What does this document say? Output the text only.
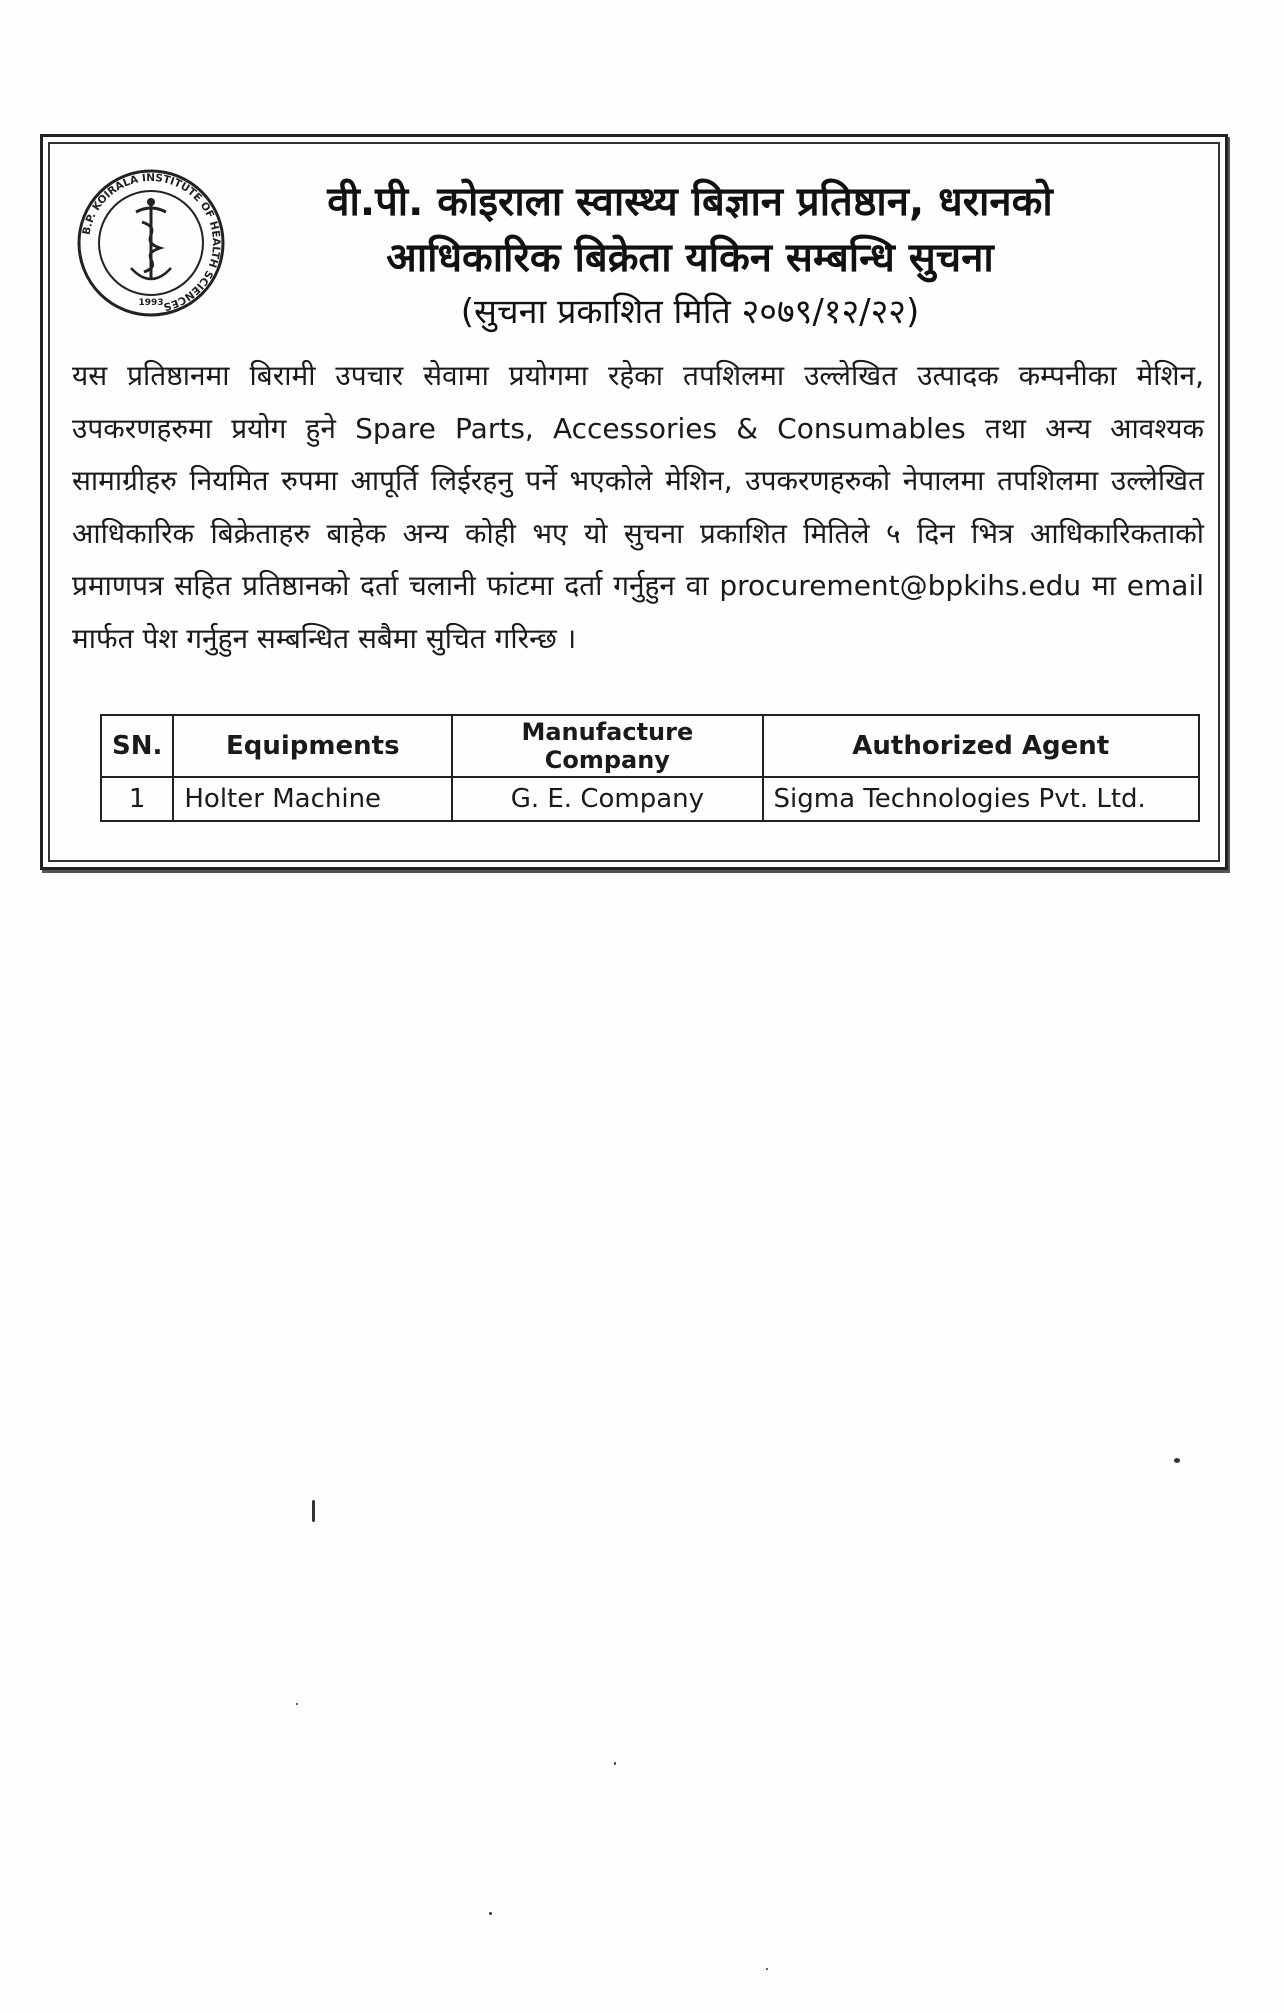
B.P. KOIRALA INSTITUTE OF HEALTH SCIENCES
1993
वी.पी. कोइराला स्वास्थ्य बिज्ञान प्रतिष्ठान, धरानको
आधिकारिक बिक्रेता यकिन सम्बन्धि सुचना
(सुचना प्रकाशित मिति २०७९/१२/२२)
यस प्रतिष्ठानमा बिरामी उपचार सेवामा प्रयोगमा रहेका तपशिलमा उल्लेखित उत्पादक कम्पनीका मेशिन, उपकरणहरुमा प्रयोग हुने Spare Parts, Accessories & Consumables तथा अन्य आवश्यक सामाग्रीहरु नियमित रुपमा आपूर्ति लिईरहनु पर्ने भएकोले मेशिन, उपकरणहरुको नेपालमा तपशिलमा उल्लेखित आधिकारिक बिक्रेताहरु बाहेक अन्य कोही भए यो सुचना प्रकाशित मितिले ५ दिन भित्र आधिकारिकताको प्रमाणपत्र सहित प्रतिष्ठानको दर्ता चलानी फांटमा दर्ता गर्नुहुन वा procurement@bpkihs.edu मा email मार्फत पेश गर्नुहुन सम्बन्धित सबैमा सुचित गरिन्छ ।
SN.	Equipments	Manufacture Company	Authorized Agent
1	Holter Machine	G. E. Company	Sigma Technologies Pvt. Ltd.
